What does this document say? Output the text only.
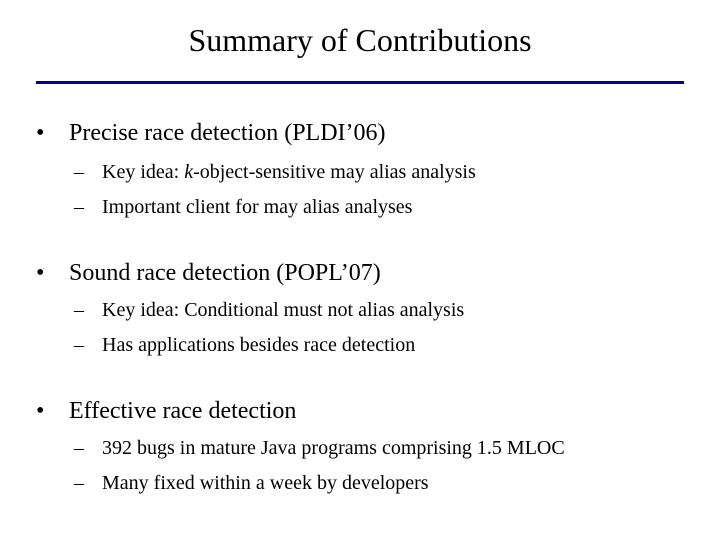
Summary of Contributions
• Precise race detection (PLDI’06)
– Key idea: k-object-sensitive may alias analysis
– Important client for may alias analyses
• Sound race detection (POPL’07)
– Key idea: Conditional must not alias analysis
– Has applications besides race detection
• Effective race detection
– 392 bugs in mature Java programs comprising 1.5 MLOC
– Many fixed within a week by developers
